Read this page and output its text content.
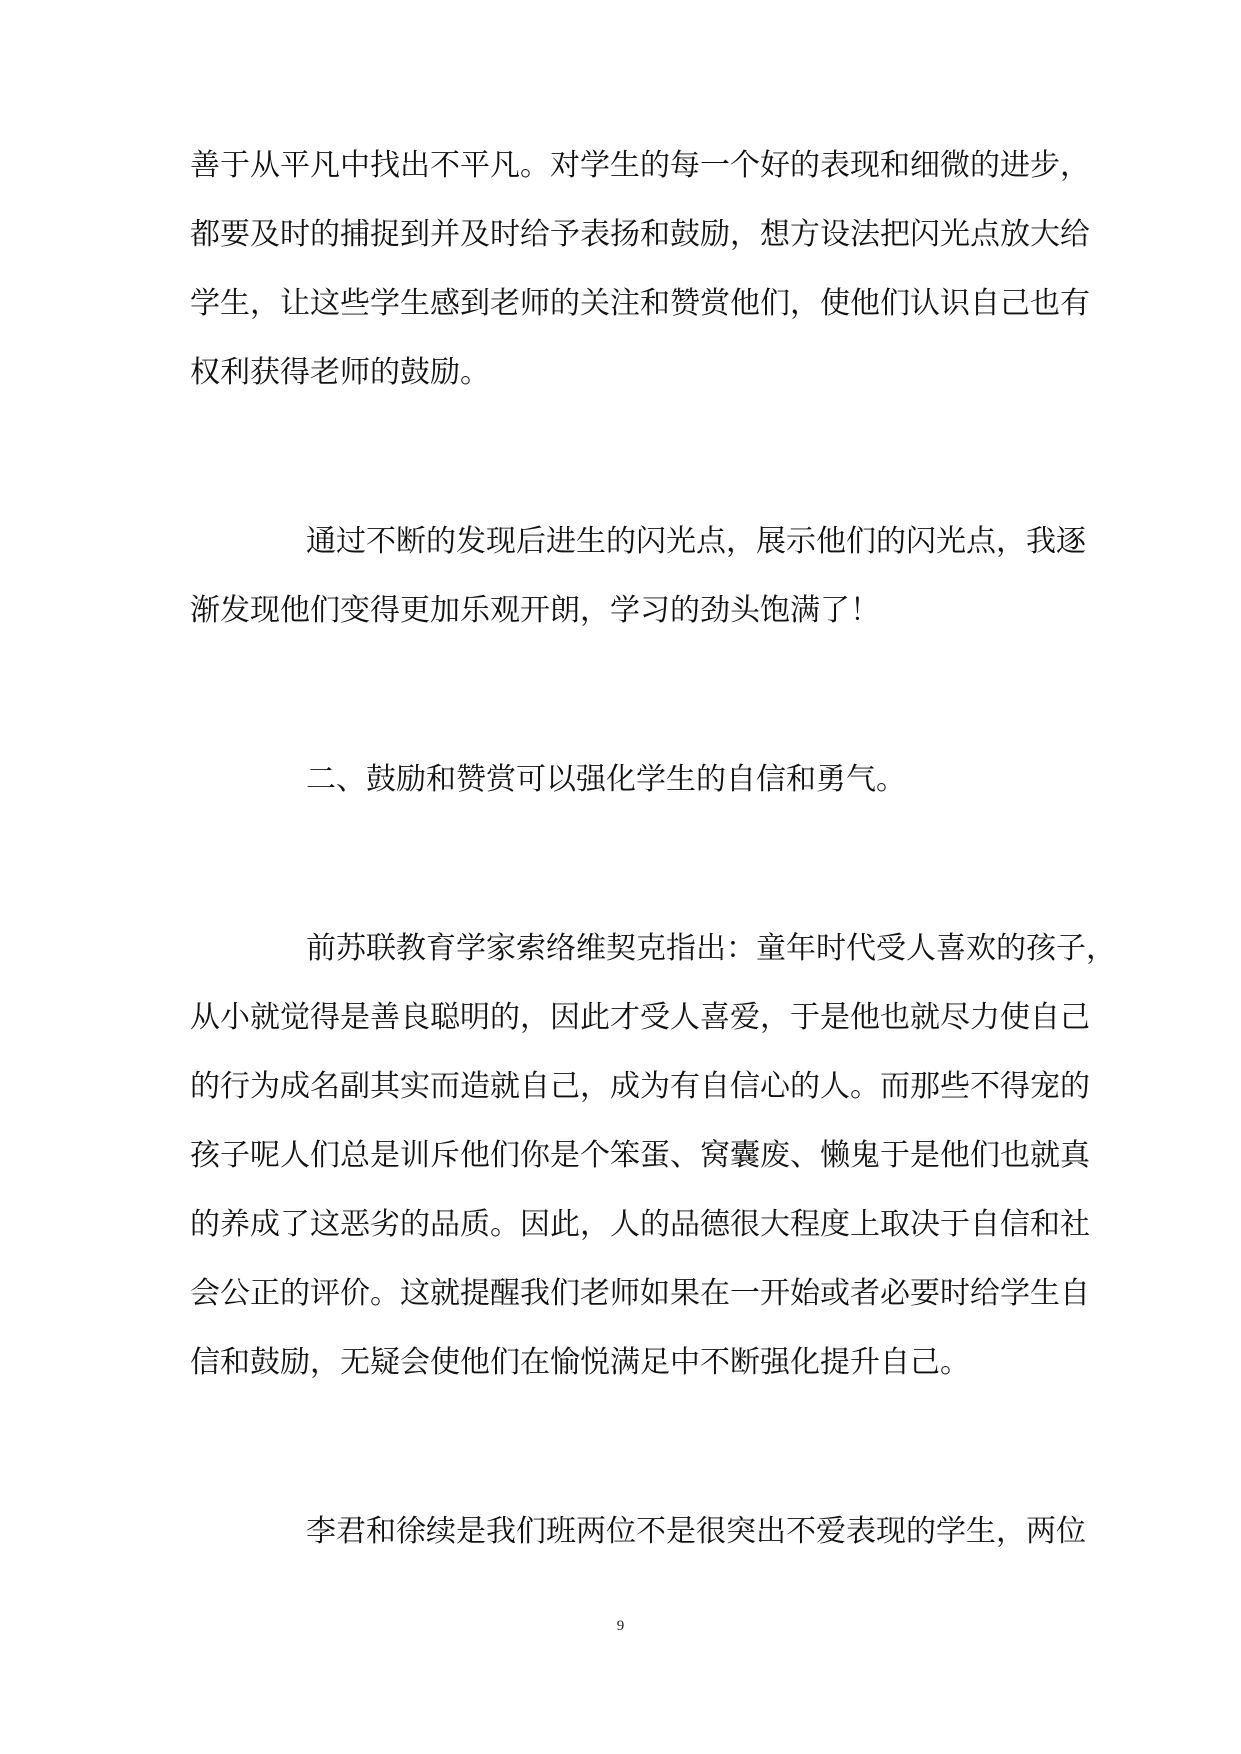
善于从平凡中找出不平凡。对学生的每一个好的表现和细微的进步，
都要及时的捕捉到并及时给予表扬和鼓励，想方设法把闪光点放大给
学生，让这些学生感到老师的关注和赞赏他们，使他们认识自己也有
权利获得老师的鼓励。
通过不断的发现后进生的闪光点，展示他们的闪光点，我逐
渐发现他们变得更加乐观开朗，学习的劲头饱满了！
二、鼓励和赞赏可以强化学生的自信和勇气。
前苏联教育学家索络维契克指出：童年时代受人喜欢的孩子，
从小就觉得是善良聪明的，因此才受人喜爱，于是他也就尽力使自己
的行为成名副其实而造就自己，成为有自信心的人。而那些不得宠的
孩子呢人们总是训斥他们你是个笨蛋、窝囊废、懒鬼于是他们也就真
的养成了这恶劣的品质。因此，人的品德很大程度上取决于自信和社
会公正的评价。这就提醒我们老师如果在一开始或者必要时给学生自
信和鼓励，无疑会使他们在愉悦满足中不断强化提升自己。
李君和徐续是我们班两位不是很突出不爱表现的学生，两位
9
